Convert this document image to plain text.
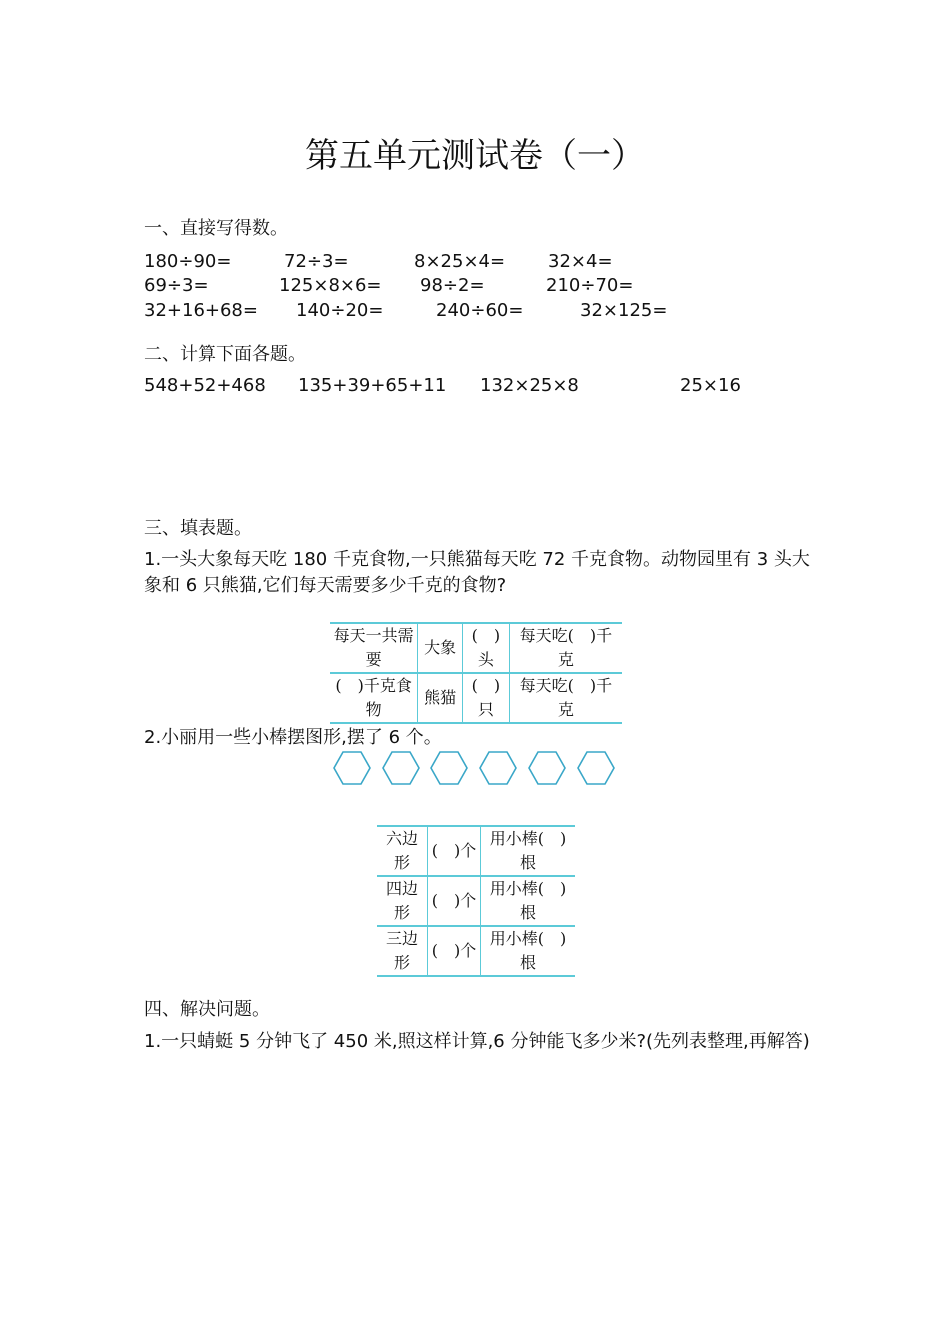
第五单元测试卷（一）
一、直接写得数。
180÷90=	72÷3=	8×25×4= 32×4=
69÷3=	125×8×6= 98÷2=	210÷70=
32+16+68= 140÷20=	240÷60=	32×125=
二、计算下面各题。
548+52+468 135+39+65+11 132×25×8	25×16
三、填表题。
1.一头大象每天吃 180 千克食物,一只熊猫每天吃 72 千克食物。动物园里有 3 头大象和 6 只熊猫,它们每天需要多少千克的食物?
每天一共需要	大象	(　)头	每天吃(　)千克
(　)千克食物	熊猫	(　)只	每天吃(　)千克
2.小丽用一些小棒摆图形,摆了 6 个。
六边形	(　)个	用小棒(　)根
四边形	(　)个	用小棒(　)根
三边形	(　)个	用小棒(　)根
四、解决问题。
1.一只蜻蜓 5 分钟飞了 450 米,照这样计算,6 分钟能飞多少米?(先列表整理,再解答)
